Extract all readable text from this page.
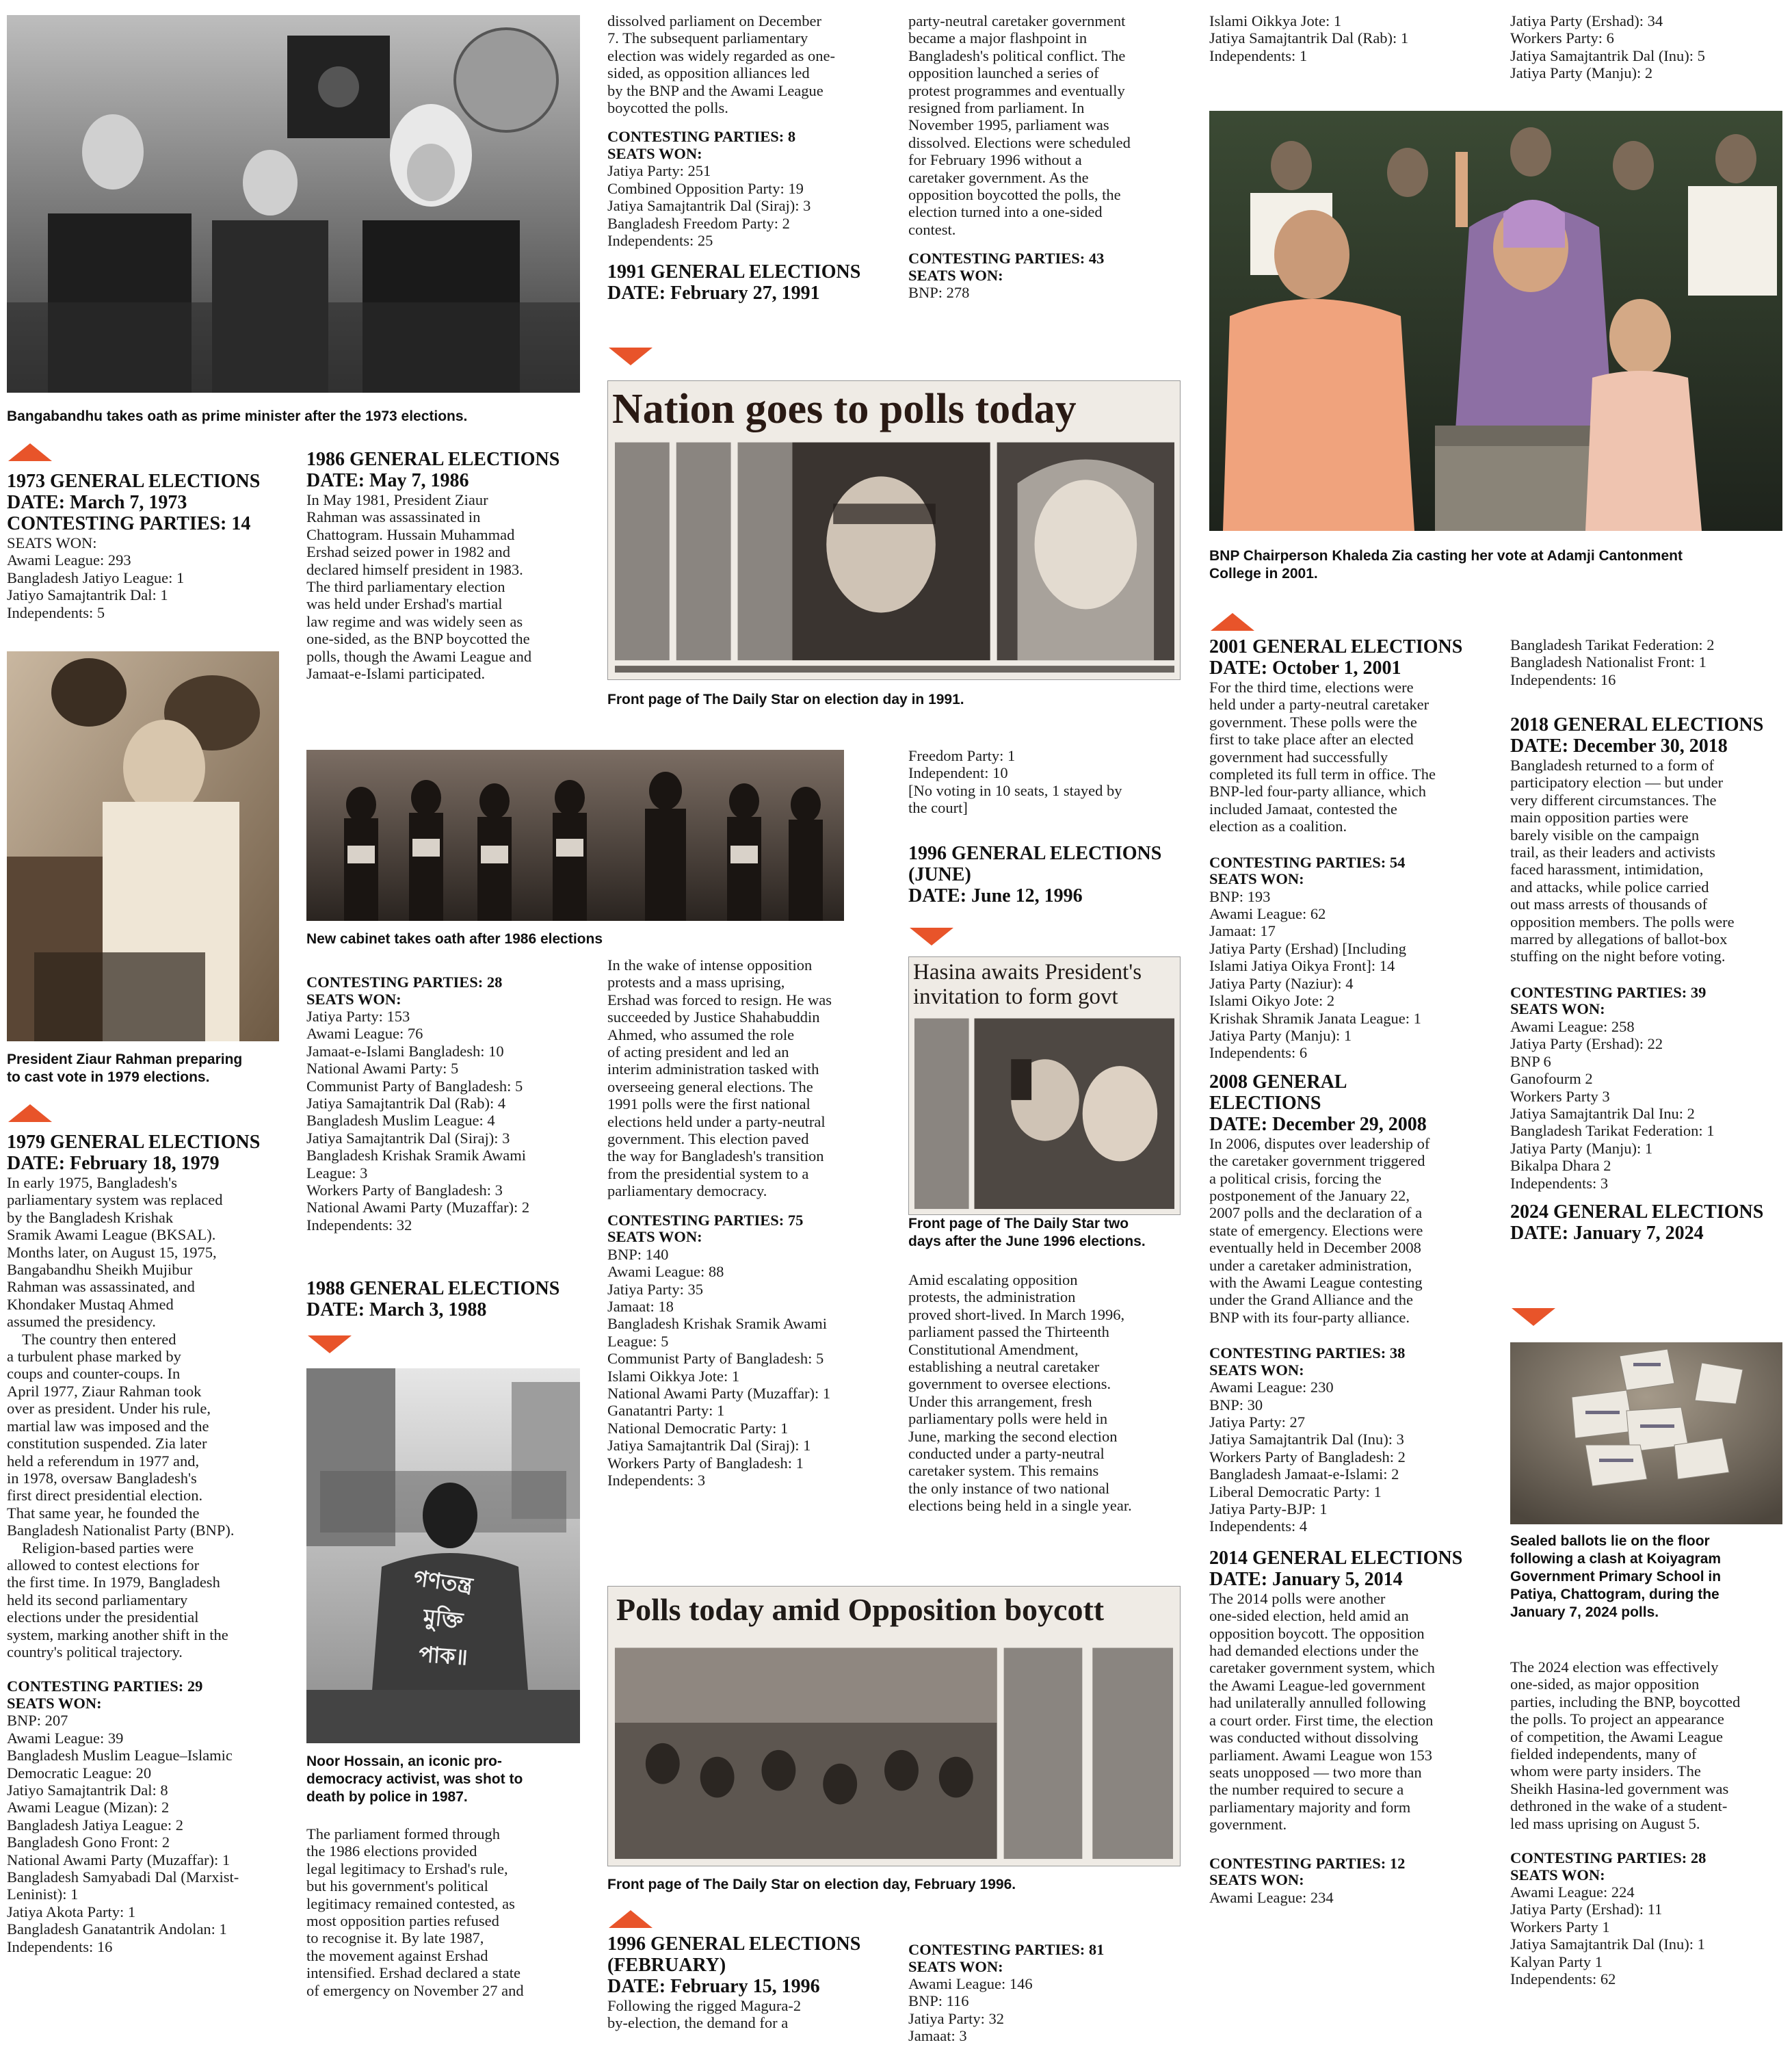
Bangabandhu takes oath as prime minister after the 1973 elections.
1973 GENERAL ELECTIONS
DATE: March 7, 1973
CONTESTING PARTIES: 14
SEATS WON:
Awami League: 293
Bangladesh Jatiyo League: 1
Jatiyo Samajtantrik Dal: 1
Independents: 5
President Ziaur Rahman preparing
to cast vote in 1979 elections.
1979 GENERAL ELECTIONS
DATE: February 18, 1979
In early 1975, Bangladesh's
parliamentary system was replaced
by the Bangladesh Krishak
Sramik Awami League (BKSAL).
Months later, on August 15, 1975,
Bangabandhu Sheikh Mujibur
Rahman was assassinated, and
Khondaker Mustaq Ahmed
assumed the presidency.
The country then entered
a turbulent phase marked by
coups and counter-coups. In
April 1977, Ziaur Rahman took
over as president. Under his rule,
martial law was imposed and the
constitution suspended. Zia later
held a referendum in 1977 and,
in 1978, oversaw Bangladesh's
first direct presidential election.
That same year, he founded the
Bangladesh Nationalist Party (BNP).
Religion-based parties were
allowed to contest elections for
the first time. In 1979, Bangladesh
held its second parliamentary
elections under the presidential
system, marking another shift in the
country's political trajectory.
CONTESTING PARTIES: 29
SEATS WON:
BNP: 207
Awami League: 39
Bangladesh Muslim League–Islamic
Democratic League: 20
Jatiyo Samajtantrik Dal: 8
Awami League (Mizan): 2
Bangladesh Jatiya League: 2
Bangladesh Gono Front: 2
National Awami Party (Muzaffar): 1
Bangladesh Samyabadi Dal (Marxist-
Leninist): 1
Jatiya Akota Party: 1
Bangladesh Ganatantrik Andolan: 1
Independents: 16
1986 GENERAL ELECTIONS
DATE: May 7, 1986
In May 1981, President Ziaur
Rahman was assassinated in
Chattogram. Hussain Muhammad
Ershad seized power in 1982 and
declared himself president in 1983.
The third parliamentary election
was held under Ershad's martial
law regime and was widely seen as
one-sided, as the BNP boycotted the
polls, though the Awami League and
Jamaat-e-Islami participated.
New cabinet takes oath after 1986 elections
CONTESTING PARTIES: 28
SEATS WON:
Jatiya Party: 153
Awami League: 76
Jamaat-e-Islami Bangladesh: 10
National Awami Party: 5
Communist Party of Bangladesh: 5
Jatiya Samajtantrik Dal (Rab): 4
Bangladesh Muslim League: 4
Jatiya Samajtantrik Dal (Siraj): 3
Bangladesh Krishak Sramik Awami
League: 3
Workers Party of Bangladesh: 3
National Awami Party (Muzaffar): 2
Independents: 32
1988 GENERAL ELECTIONS
DATE: March 3, 1988
গণতন্ত্র
মুক্তি
পাক॥
Noor Hossain, an iconic pro-
democracy activist, was shot to
death by police in 1987.
The parliament formed through
the 1986 elections provided
legal legitimacy to Ershad's rule,
but his government's political
legitimacy remained contested, as
most opposition parties refused
to recognise it. By late 1987,
the movement against Ershad
intensified. Ershad declared a state
of emergency on November 27 and
dissolved parliament on December
7. The subsequent parliamentary
election was widely regarded as one-
sided, as opposition alliances led
by the BNP and the Awami League
boycotted the polls.
CONTESTING PARTIES: 8
SEATS WON:
Jatiya Party: 251
Combined Opposition Party: 19
Jatiya Samajtantrik Dal (Siraj): 3
Bangladesh Freedom Party: 2
Independents: 25
1991 GENERAL ELECTIONS
DATE: February 27, 1991
Nation goes to polls today
Front page of The Daily Star on election day in 1991.
In the wake of intense opposition
protests and a mass uprising,
Ershad was forced to resign. He was
succeeded by Justice Shahabuddin
Ahmed, who assumed the role
of acting president and led an
interim administration tasked with
overseeing general elections. The
1991 polls were the first national
elections held under a party-neutral
government. This election paved
the way for Bangladesh's transition
from the presidential system to a
parliamentary democracy.
CONTESTING PARTIES: 75
SEATS WON:
BNP: 140
Awami League: 88
Jatiya Party: 35
Jamaat: 18
Bangladesh Krishak Sramik Awami
League: 5
Communist Party of Bangladesh: 5
Islami Oikkya Jote: 1
National Awami Party (Muzaffar): 1
Ganatantri Party: 1
National Democratic Party: 1
Jatiya Samajtantrik Dal (Siraj): 1
Workers Party of Bangladesh: 1
Independents: 3
Polls today amid Opposition boycott
Front page of The Daily Star on election day, February 1996.
1996 GENERAL ELECTIONS
(FEBRUARY)
DATE: February 15, 1996
Following the rigged Magura-2
by-election, the demand for a
party-neutral caretaker government
became a major flashpoint in
Bangladesh's political conflict. The
opposition launched a series of
protest programmes and eventually
resigned from parliament. In
November 1995, parliament was
dissolved. Elections were scheduled
for February 1996 without a
caretaker government. As the
opposition boycotted the polls, the
election turned into a one-sided
contest.
CONTESTING PARTIES: 43
SEATS WON:
BNP: 278
Freedom Party: 1
Independent: 10
[No voting in 10 seats, 1 stayed by
the court]
1996 GENERAL ELECTIONS
(JUNE)
DATE: June 12, 1996
Hasina awaits President's
invitation to form govt
Front page of The Daily Star two
days after the June 1996 elections.
Amid escalating opposition
protests, the administration
proved short-lived. In March 1996,
parliament passed the Thirteenth
Constitutional Amendment,
establishing a neutral caretaker
government to oversee elections.
Under this arrangement, fresh
parliamentary polls were held in
June, marking the second election
conducted under a party-neutral
caretaker system. This remains
the only instance of two national
elections being held in a single year.
CONTESTING PARTIES: 81
SEATS WON:
Awami League: 146
BNP: 116
Jatiya Party: 32
Jamaat: 3
Islami Oikkya Jote: 1
Jatiya Samajtantrik Dal (Rab): 1
Independents: 1
BNP Chairperson Khaleda Zia casting her vote at Adamji Cantonment
College in 2001.
2001 GENERAL ELECTIONS
DATE: October 1, 2001
For the third time, elections were
held under a party-neutral caretaker
government. These polls were the
first to take place after an elected
government had successfully
completed its full term in office. The
BNP-led four-party alliance, which
included Jamaat, contested the
election as a coalition.
CONTESTING PARTIES: 54
SEATS WON:
BNP: 193
Awami League: 62
Jamaat: 17
Jatiya Party (Ershad) [Including
Islami Jatiya Oikya Front]: 14
Jatiya Party (Naziur): 4
Islami Oikyo Jote: 2
Krishak Shramik Janata League: 1
Jatiya Party (Manju): 1
Independents: 6
2008 GENERAL
ELECTIONS
DATE: December 29, 2008
In 2006, disputes over leadership of
the caretaker government triggered
a political crisis, forcing the
postponement of the January 22,
2007 polls and the declaration of a
state of emergency. Elections were
eventually held in December 2008
under a caretaker administration,
with the Awami League contesting
under the Grand Alliance and the
BNP with its four-party alliance.
CONTESTING PARTIES: 38
SEATS WON:
Awami League: 230
BNP: 30
Jatiya Party: 27
Jatiya Samajtantrik Dal (Inu): 3
Workers Party of Bangladesh: 2
Bangladesh Jamaat-e-Islami: 2
Liberal Democratic Party: 1
Jatiya Party-BJP: 1
Independents: 4
2014 GENERAL ELECTIONS
DATE: January 5, 2014
The 2014 polls were another
one-sided election, held amid an
opposition boycott. The opposition
had demanded elections under the
caretaker government system, which
the Awami League-led government
had unilaterally annulled following
a court order. First time, the election
was conducted without dissolving
parliament. Awami League won 153
seats unopposed — two more than
the number required to secure a
parliamentary majority and form
government.
CONTESTING PARTIES: 12
SEATS WON:
Awami League: 234
Jatiya Party (Ershad): 34
Workers Party: 6
Jatiya Samajtantrik Dal (Inu): 5
Jatiya Party (Manju): 2
Bangladesh Tarikat Federation: 2
Bangladesh Nationalist Front: 1
Independents: 16
2018 GENERAL ELECTIONS
DATE: December 30, 2018
Bangladesh returned to a form of
participatory election — but under
very different circumstances. The
main opposition parties were
barely visible on the campaign
trail, as their leaders and activists
faced harassment, intimidation,
and attacks, while police carried
out mass arrests of thousands of
opposition members. The polls were
marred by allegations of ballot-box
stuffing on the night before voting.
CONTESTING PARTIES: 39
SEATS WON:
Awami League: 258
Jatiya Party (Ershad): 22
BNP 6
Ganofourm 2
Workers Party 3
Jatiya Samajtantrik Dal Inu: 2
Bangladesh Tarikat Federation: 1
Jatiya Party (Manju): 1
Bikalpa Dhara 2
Independents: 3
2024 GENERAL ELECTIONS
DATE: January 7, 2024
Sealed ballots lie on the floor
following a clash at Koiyagram
Government Primary School in
Patiya, Chattogram, during the
January 7, 2024 polls.
The 2024 election was effectively
one-sided, as major opposition
parties, including the BNP, boycotted
the polls. To project an appearance
of competition, the Awami League
fielded independents, many of
whom were party insiders. The
Sheikh Hasina-led government was
dethroned in the wake of a student-
led mass uprising on August 5.
CONTESTING PARTIES: 28
SEATS WON:
Awami League: 224
Jatiya Party (Ershad): 11
Workers Party 1
Jatiya Samajtantrik Dal (Inu): 1
Kalyan Party 1
Independents: 62
